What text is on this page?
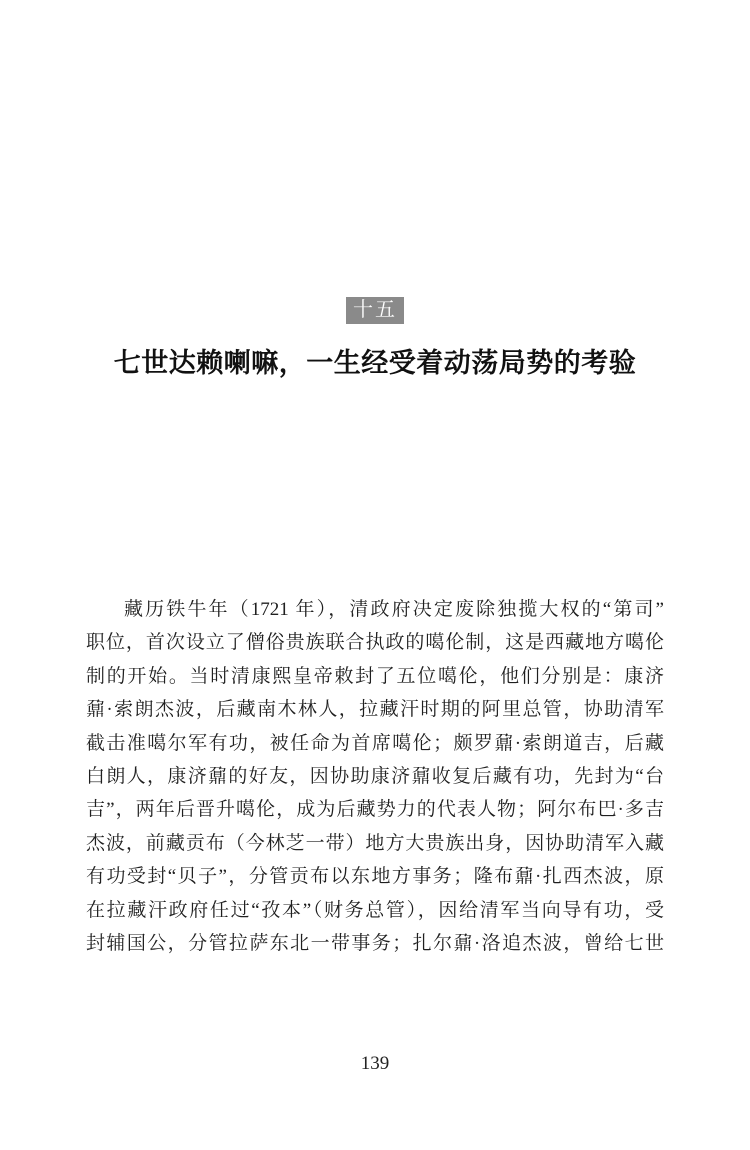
十五
七世达赖喇嘛，一生经受着动荡局势的考验
藏历铁牛年（1721 年），清政府决定废除独揽大权的“第司”
职位，首次设立了僧俗贵族联合执政的噶伦制，这是西藏地方噶伦
制的开始。当时清康熙皇帝敕封了五位噶伦，他们分别是：康济
鼐·索朗杰波，后藏南木林人，拉藏汗时期的阿里总管，协助清军
截击准噶尔军有功，被任命为首席噶伦；颇罗鼐·索朗道吉，后藏
白朗人，康济鼐的好友，因协助康济鼐收复后藏有功，先封为“台
吉”，两年后晋升噶伦，成为后藏势力的代表人物；阿尔布巴·多吉
杰波，前藏贡布（今林芝一带）地方大贵族出身，因协助清军入藏
有功受封“贝子”，分管贡布以东地方事务；隆布鼐·扎西杰波，原
在拉藏汗政府任过“孜本”（财务总管），因给清军当向导有功，受
封辅国公，分管拉萨东北一带事务；扎尔鼐·洛追杰波，曾给七世
139
